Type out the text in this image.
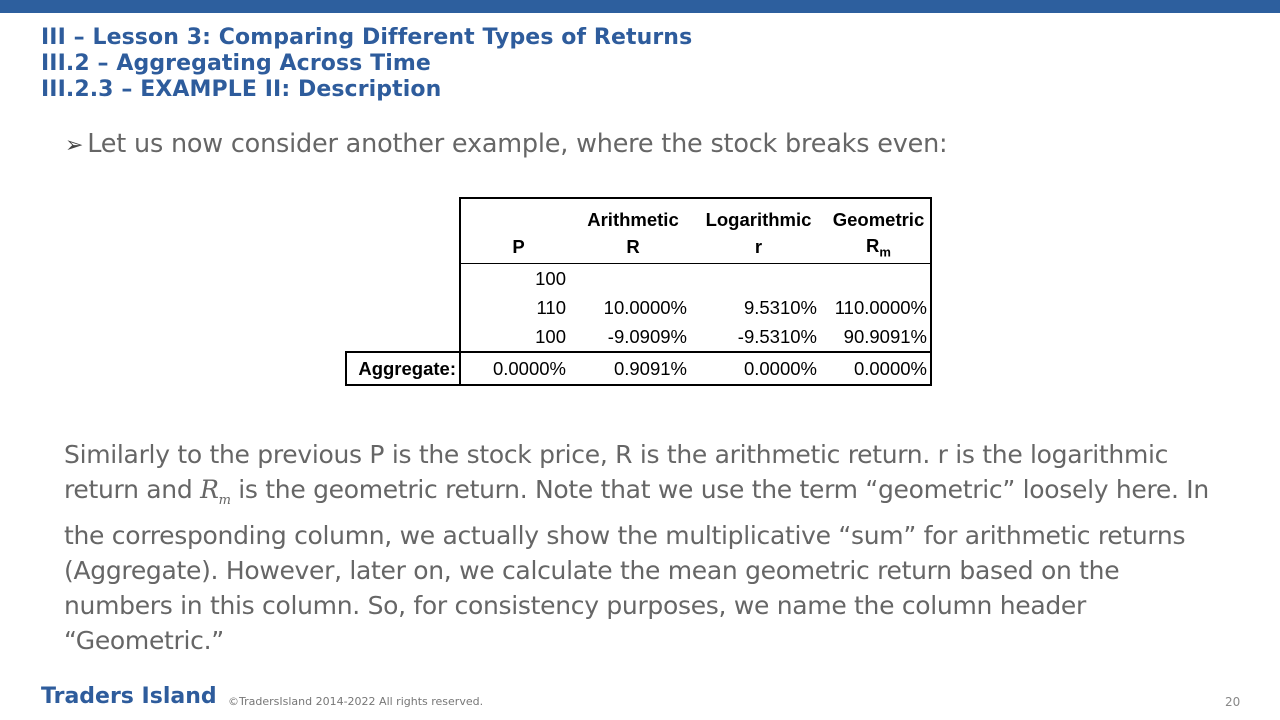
III – Lesson 3: Comparing Different Types of Returns
III.2 – Aggregating Across Time
III.2.3 – EXAMPLE II: Description
➢ Let us now consider another example, where the stock breaks even:
		Arithmetic	Logarithmic	Geometric
	P	R	r	$R_m$
	100			
	110	10.0000%	9.5310%	110.0000%
	100	-9.0909%	-9.5310%	90.9091%
Aggregate:	0.0000%	0.9091%	0.0000%	0.0000%
Similarly to the previous P is the stock price, R is the arithmetic return. r is the logarithmic return and $R_m$ is the geometric return. Note that we use the term “geometric” loosely here. In the corresponding column, we actually show the multiplicative “sum” for arithmetic returns (Aggregate). However, later on, we calculate the mean geometric return based on the numbers in this column. So, for consistency purposes, we name the column header “Geometric.”
Traders Island ©TradersIsland 2014-2022 All rights reserved.	20
